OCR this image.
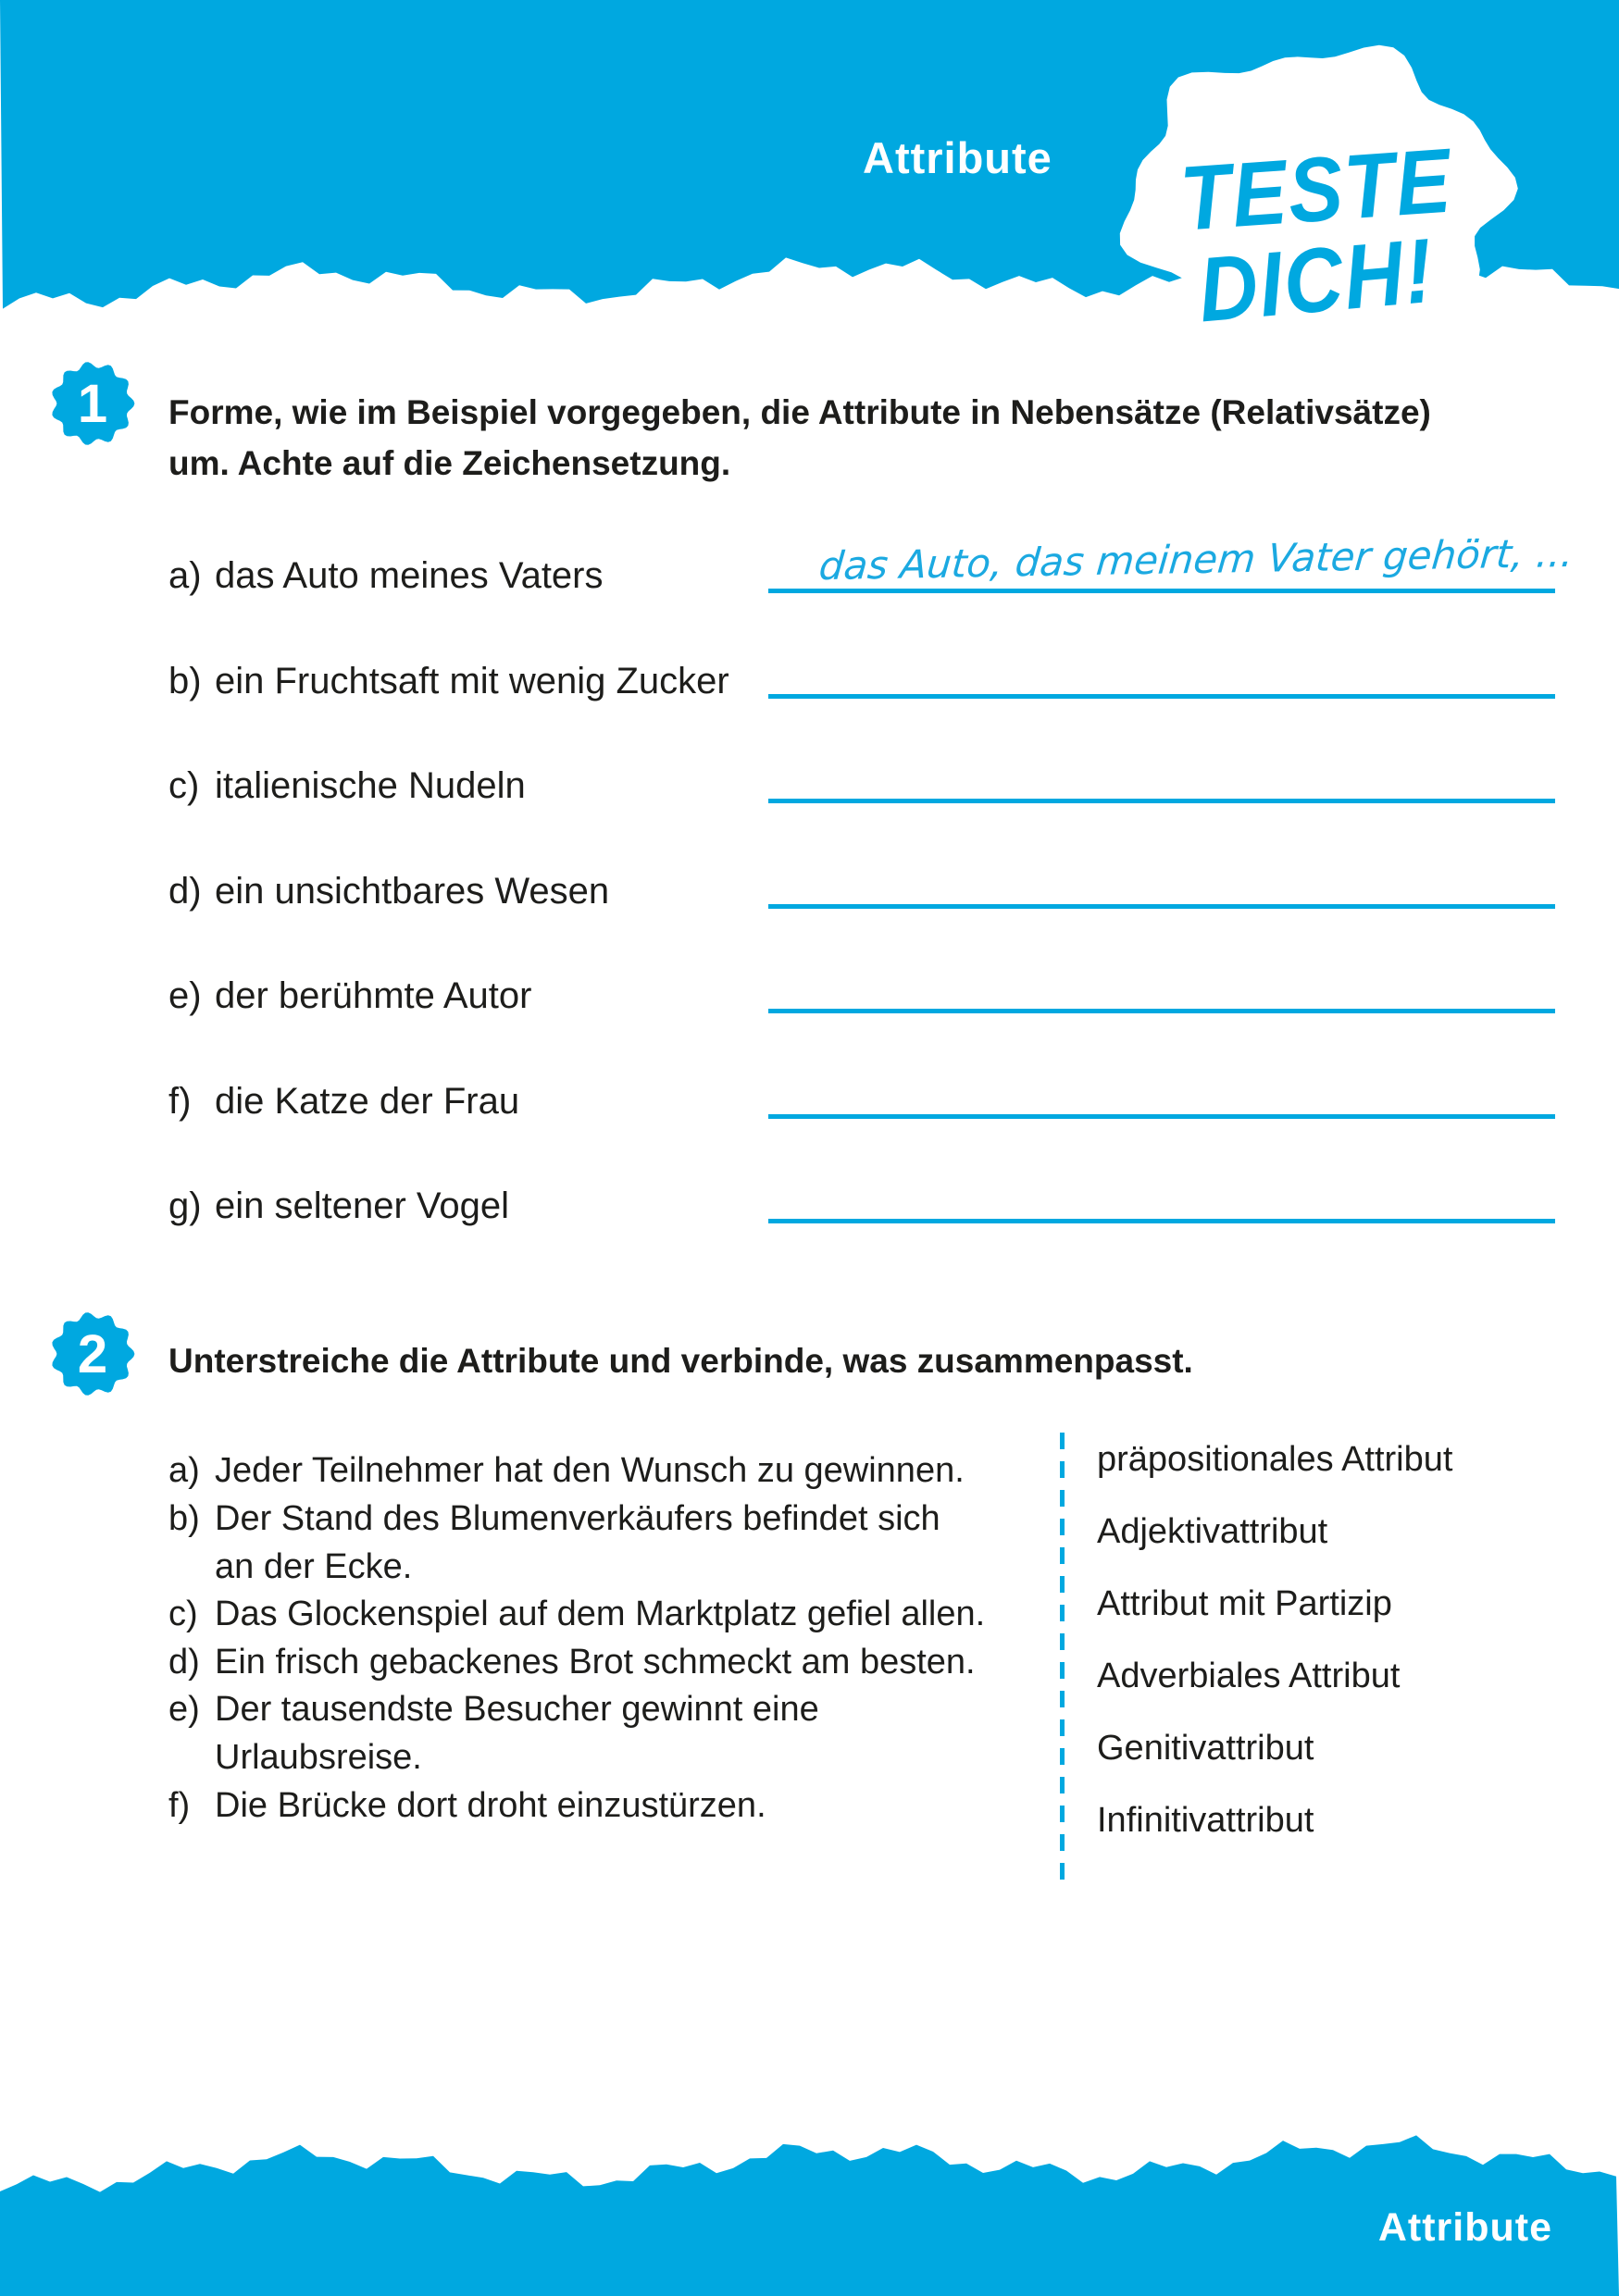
Attribute	TESTE
DICH!
1 Forme, wie im Beispiel vorgegeben, die Attribute in Nebensätze (Relativsätze)
um. Achte auf die Zeichensetzung.
a) das Auto meines Vaters
b) ein Fruchtsaft mit wenig Zucker
c) italienische Nudeln
d) ein unsichtbares Wesen
e) der berühmte Autor
f) die Katze der Frau
g) ein seltener Vogel
das Auto, das meinem Vater gehört, ...
2 Unterstreiche die Attribute und verbinde, was zusammenpasst.
a) Jeder Teilnehmer hat den Wunsch zu gewinnen.
b) Der Stand des Blumenverkäufers befindet sich
an der Ecke.
c) Das Glockenspiel auf dem Marktplatz gefiel allen.
d) Ein frisch gebackenes Brot schmeckt am besten.
e) Der tausendste Besucher gewinnt eine
Urlaubsreise.
f) Die Brücke dort droht einzustürzen.
präpositionales Attribut
Adjektivattribut
Attribut mit Partizip
Adverbiales Attribut
Genitivattribut
Infinitivattribut
Attribute
